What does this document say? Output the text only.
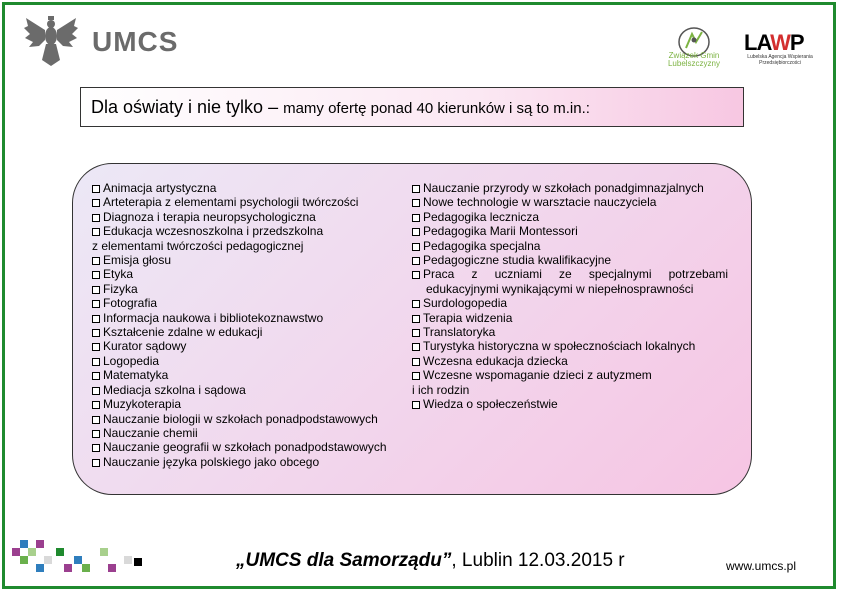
UMCS	Związek Gmin Lubelszczyzny
LAWP
Lubelska Agencja Wspierania Przedsiębiorczości
Dla oświaty i nie tylko – mamy ofertę ponad 40 kierunków i są to m.in.:
Animacja artystyczna
Arteterapia z elementami psychologii twórczości
Diagnoza i terapia neuropsychologiczna
Edukacja wczesnoszkolna i przedszkolna
z elementami twórczości pedagogicznej
Emisja głosu
Etyka
Fizyka
Fotografia
Informacja naukowa i bibliotekoznawstwo
Kształcenie zdalne w edukacji
Kurator sądowy
Logopedia
Matematyka
Mediacja szkolna i sądowa
Muzykoterapia
Nauczanie biologii w szkołach ponadpodstawowych
Nauczanie chemii
Nauczanie geografii w szkołach ponadpodstawowych
Nauczanie języka polskiego jako obcego
Nauczanie przyrody w szkołach ponadgimnazjalnych
Nowe technologie w warsztacie nauczyciela
Pedagogika lecznicza
Pedagogika Marii Montessori
Pedagogika specjalna
Pedagogiczne studia kwalifikacyjne
Praca z uczniami ze specjalnymi potrzebami
edukacyjnymi wynikającymi w niepełnosprawności
Surdologopedia
Terapia widzenia
Translatoryka
Turystyka historyczna w społecznościach lokalnych
Wczesna edukacja dziecka
Wczesne wspomaganie dzieci z autyzmem
i ich rodzin
Wiedza o społeczeństwie
„UMCS dla Samorządu”, Lublin 12.03.2015 r	www.umcs.pl
